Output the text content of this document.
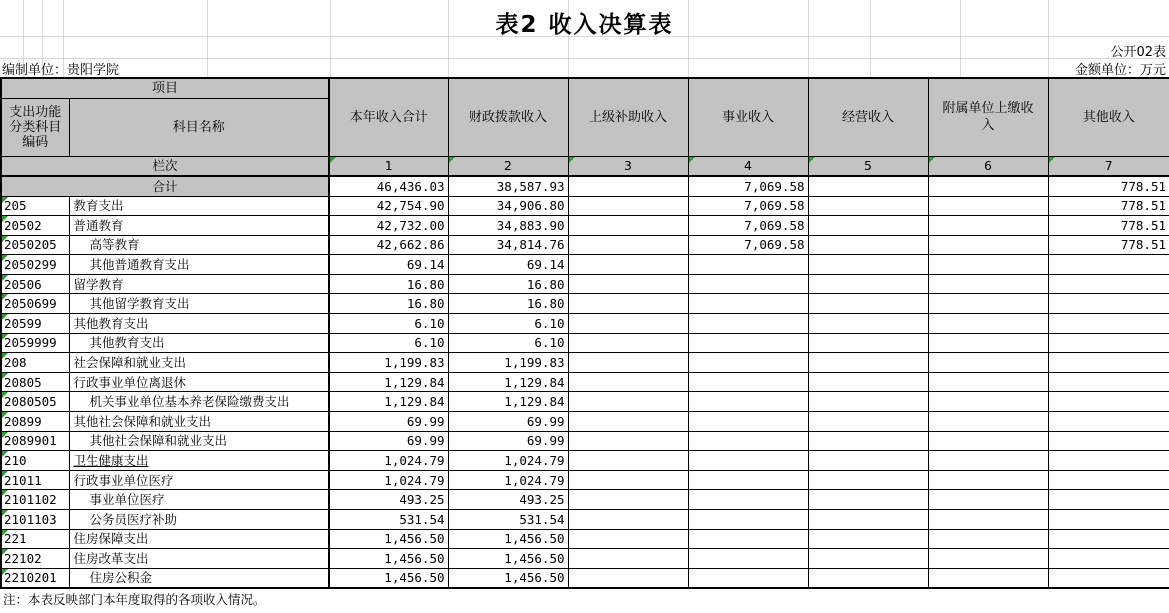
表2 收入决算表
公开02表
编制单位：贵阳学院	金额单位：万元
项目		本年收入合计	财政拨款收入	上级补助收入	事业收入	经营收入	附属单位上缴收入	其他收入
支出功能分类科目编码	科目名称							
栏次		1	2	3	4	5	6	7
合计		46,436.03	38,587.93		7,069.58			778.51

205	教育支出	42,754.90	34,906.80		7,069.58			778.51

20502	普通教育	42,732.00	34,883.90		7,069.58			778.51

2050205	高等教育	42,662.86	34,814.76		7,069.58			778.51

2050299	其他普通教育支出	69.14	69.14					

20506	留学教育	16.80	16.80					

2050699	其他留学教育支出	16.80	16.80					

20599	其他教育支出	6.10	6.10					

2059999	其他教育支出	6.10	6.10					

208	社会保障和就业支出	1,199.83	1,199.83					

20805	行政事业单位离退休	1,129.84	1,129.84					

2080505	机关事业单位基本养老保险缴费支出	1,129.84	1,129.84					

20899	其他社会保障和就业支出	69.99	69.99					

2089901	其他社会保障和就业支出	69.99	69.99					

210	卫生健康支出	1,024.79	1,024.79					

21011	行政事业单位医疗	1,024.79	1,024.79					

2101102	事业单位医疗	493.25	493.25					

2101103	公务员医疗补助	531.54	531.54					

221	住房保障支出	1,456.50	1,456.50					

22102	住房改革支出	1,456.50	1,456.50					

2210201	住房公积金	1,456.50	1,456.50					
注：本表反映部门本年度取得的各项收入情况。
